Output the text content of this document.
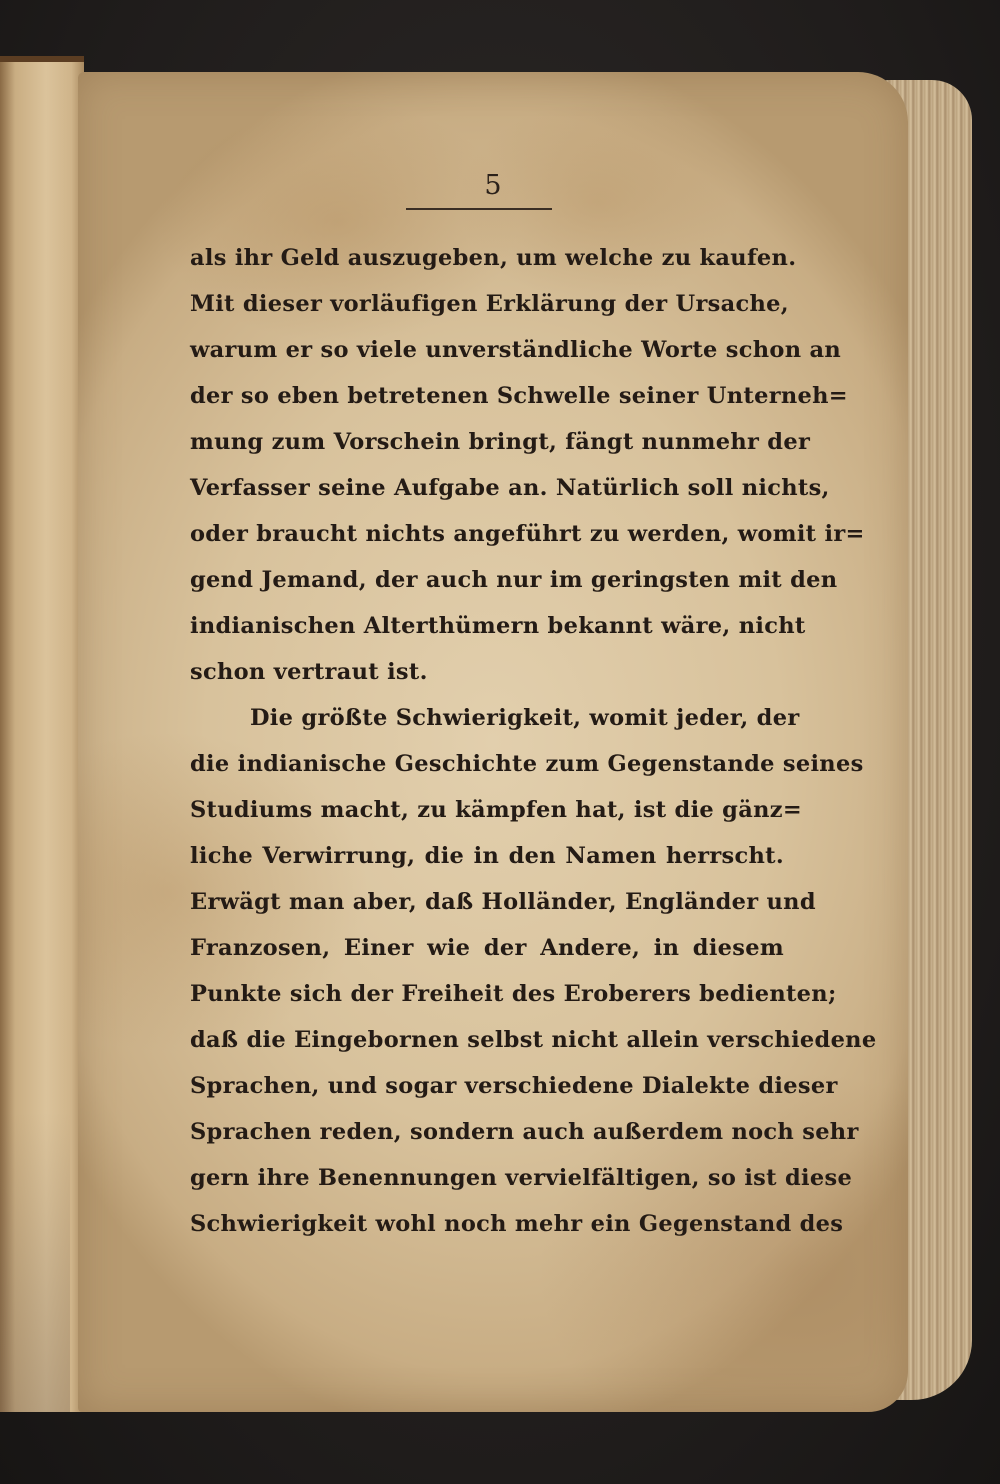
5
als ihr Geld auszugeben, um welche zu kaufen.
Mit dieser vorläufigen Erklärung der Ursache,
warum er so viele unverständliche Worte schon an
der so eben betretenen Schwelle seiner Unterneh=
mung zum Vorschein bringt, fängt nunmehr der
Verfasser seine Aufgabe an. Natürlich soll nichts,
oder braucht nichts angeführt zu werden, womit ir=
gend Jemand, der auch nur im geringsten mit den
indianischen Alterthümern bekannt wäre, nicht
schon vertraut ist.
Die größte Schwierigkeit, womit jeder, der
die indianische Geschichte zum Gegenstande seines
Studiums macht, zu kämpfen hat, ist die gänz=
liche Verwirrung, die in den Namen herrscht.
Erwägt man aber, daß Holländer, Engländer und
Franzosen, Einer wie der Andere, in diesem
Punkte sich der Freiheit des Eroberers bedienten;
daß die Eingebornen selbst nicht allein verschiedene
Sprachen, und sogar verschiedene Dialekte dieser
Sprachen reden, sondern auch außerdem noch sehr
gern ihre Benennungen vervielfältigen, so ist diese
Schwierigkeit wohl noch mehr ein Gegenstand des
